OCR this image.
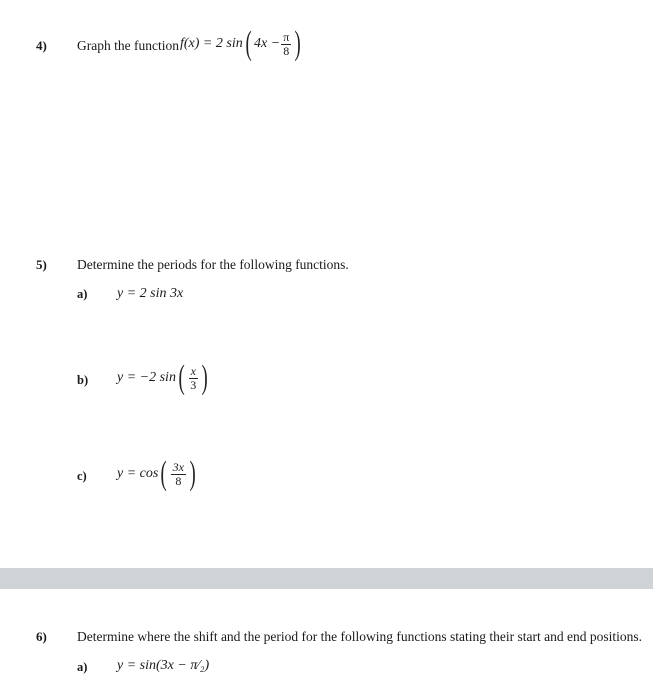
4) Graph the function f(x) = 2 sin ( $4x - \frac{\pi}{8}$ )
5) Determine the periods for the following functions.
a) y = 2 sin 3x
b) y = −2 sin ( $\frac{x}{3}$ )
c) y = cos ( $\frac{3x}{8}$ )
6) Determine where the shift and the period for the following functions stating their start and end positions.
a) y = sin(3x − π⁄₂)
